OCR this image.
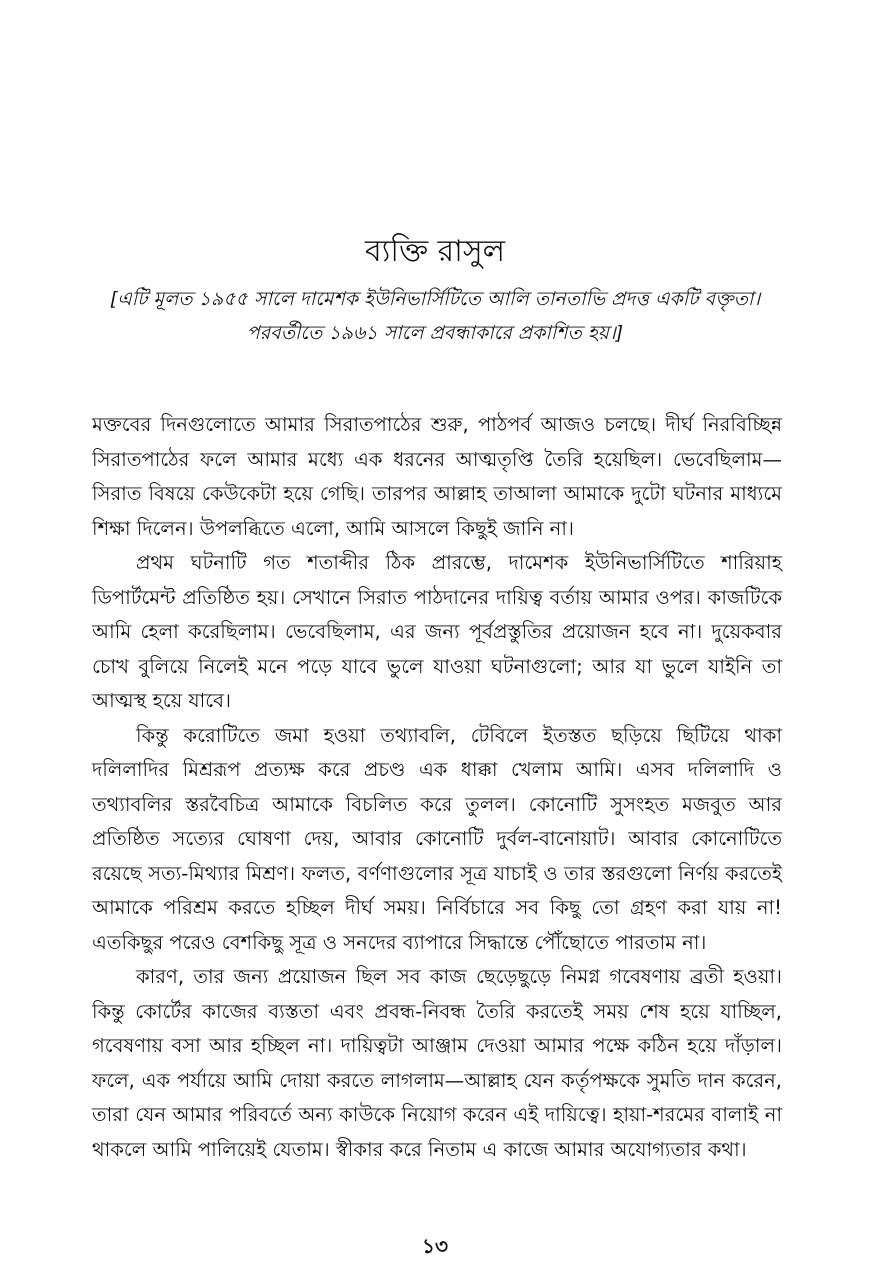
ব্যক্তি রাসুল
[এটি মূলত ১৯৫৫ সালে দামেশক ইউনিভার্সিটিতে আলি তানতাভি প্রদত্ত একটি বক্তৃতা।
পরবর্তীতে ১৯৬১ সালে প্রবন্ধাকারে প্রকাশিত হয়।]

মক্তবের দিনগুলোতে আমার সিরাতপাঠের শুরু, পাঠপর্ব আজও চলছে। দীর্ঘ নিরবিচ্ছিন্ন সিরাতপাঠের ফলে আমার মধ্যে এক ধরনের আত্মতৃপ্তি তৈরি হয়েছিল। ভেবেছিলাম—সিরাত বিষয়ে কেউকেটা হয়ে গেছি। তারপর আল্লাহ তাআলা আমাকে দুটো ঘটনার মাধ্যমে শিক্ষা দিলেন। উপলব্ধিতে এলো, আমি আসলে কিছুই জানি না।

প্রথম ঘটনাটি গত শতাব্দীর ঠিক প্রারম্ভে, দামেশক ইউনিভার্সিটিতে শারিয়াহ ডিপার্টমেন্ট প্রতিষ্ঠিত হয়। সেখানে সিরাত পাঠদানের দায়িত্ব বর্তায় আমার ওপর। কাজটিকে আমি হেলা করেছিলাম। ভেবেছিলাম, এর জন্য পূর্বপ্রস্তুতির প্রয়োজন হবে না। দুয়েকবার চোখ বুলিয়ে নিলেই মনে পড়ে যাবে ভুলে যাওয়া ঘটনাগুলো; আর যা ভুলে যাইনি তা আত্মস্থ হয়ে যাবে।

কিন্তু করোটিতে জমা হওয়া তথ্যাবলি, টেবিলে ইতস্তত ছড়িয়ে ছিটিয়ে থাকা দলিলাদির মিশ্ররূপ প্রত্যক্ষ করে প্রচণ্ড এক ধাক্কা খেলাম আমি। এসব দলিলাদি ও তথ্যাবলির স্তরবৈচিত্র আমাকে বিচলিত করে তুলল। কোনোটি সুসংহত মজবুত আর প্রতিষ্ঠিত সত্যের ঘোষণা দেয়, আবার কোনোটি দুর্বল-বানোয়াট। আবার কোনোটিতে রয়েছে সত্য-মিথ্যার মিশ্রণ। ফলত, বর্ণণাগুলোর সূত্র যাচাই ও তার স্তরগুলো নির্ণয় করতেই আমাকে পরিশ্রম করতে হচ্ছিল দীর্ঘ সময়। নির্বিচারে সব কিছু তো গ্রহণ করা যায় না! এতকিছুর পরেও বেশকিছু সূত্র ও সনদের ব্যাপারে সিদ্ধান্তে পৌঁছোতে পারতাম না।

কারণ, তার জন্য প্রয়োজন ছিল সব কাজ ছেড়েছুড়ে নিমগ্ন গবেষণায় ব্রতী হওয়া। কিন্তু কোর্টের কাজের ব্যস্ততা এবং প্রবন্ধ-নিবন্ধ তৈরি করতেই সময় শেষ হয়ে যাচ্ছিল, গবেষণায় বসা আর হচ্ছিল না। দায়িত্বটা আঞ্জাম দেওয়া আমার পক্ষে কঠিন হয়ে দাঁড়াল। ফলে, এক পর্যায়ে আমি দোয়া করতে লাগলাম—আল্লাহ যেন কর্তৃপক্ষকে সুমতি দান করেন, তারা যেন আমার পরিবর্তে অন্য কাউকে নিয়োগ করেন এই দায়িত্বে। হায়া-শরমের বালাই না থাকলে আমি পালিয়েই যেতাম। স্বীকার করে নিতাম এ কাজে আমার অযোগ্যতার কথা।

১৩
